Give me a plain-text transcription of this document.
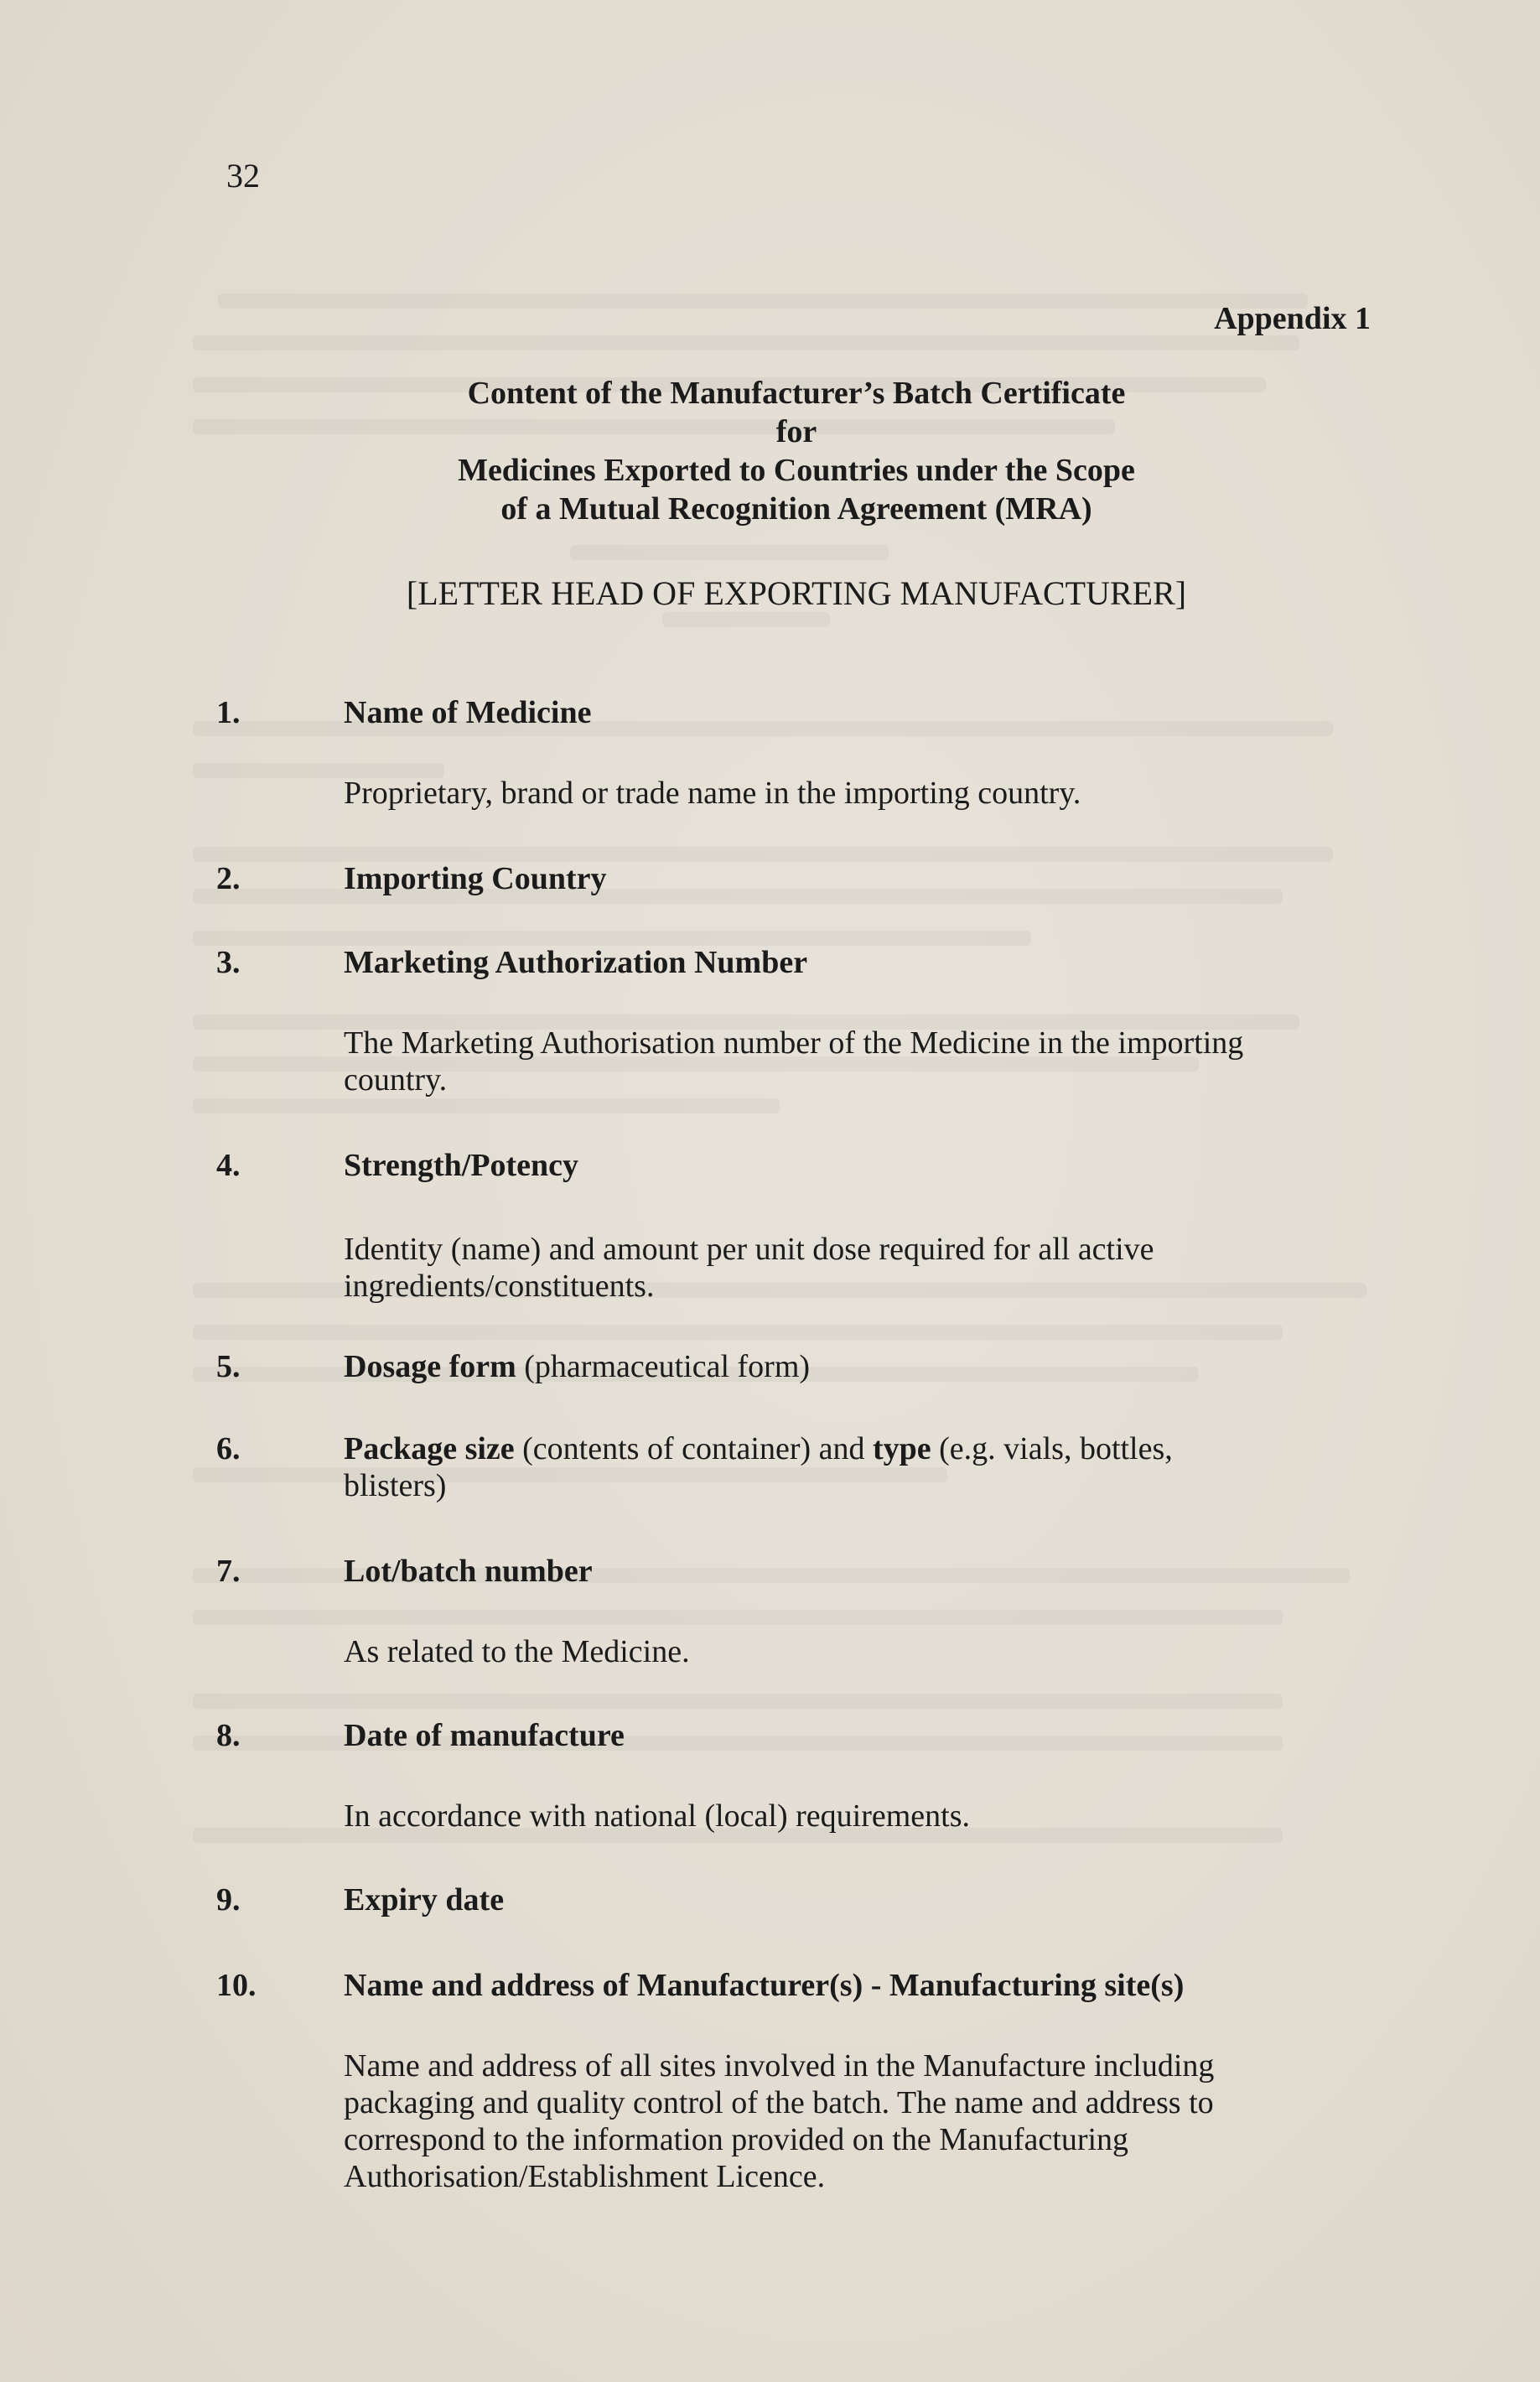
32
Appendix 1
Content of the Manufacturer’s Batch Certificate
for
Medicines Exported to Countries under the Scope
of a Mutual Recognition Agreement (MRA)
[LETTER HEAD OF EXPORTING MANUFACTURER]
1.	Name of Medicine
Proprietary, brand or trade name in the importing country.
2.	Importing Country
3.	Marketing Authorization Number
The Marketing Authorisation number of the Medicine in the importing country.
4.	Strength/Potency
Identity (name) and amount per unit dose required for all active ingredients/constituents.
5.	Dosage form (pharmaceutical form)
6.	Package size (contents of container) and type (e.g. vials, bottles,
blisters)
7.	Lot/batch number
As related to the Medicine.
8.	Date of manufacture
In accordance with national (local) requirements.
9.	Expiry date
10.	Name and address of Manufacturer(s) - Manufacturing site(s)
Name and address of all sites involved in the Manufacture including packaging and quality control of the batch. The name and address to correspond to the information provided on the Manufacturing Authorisation/Establishment Licence.
